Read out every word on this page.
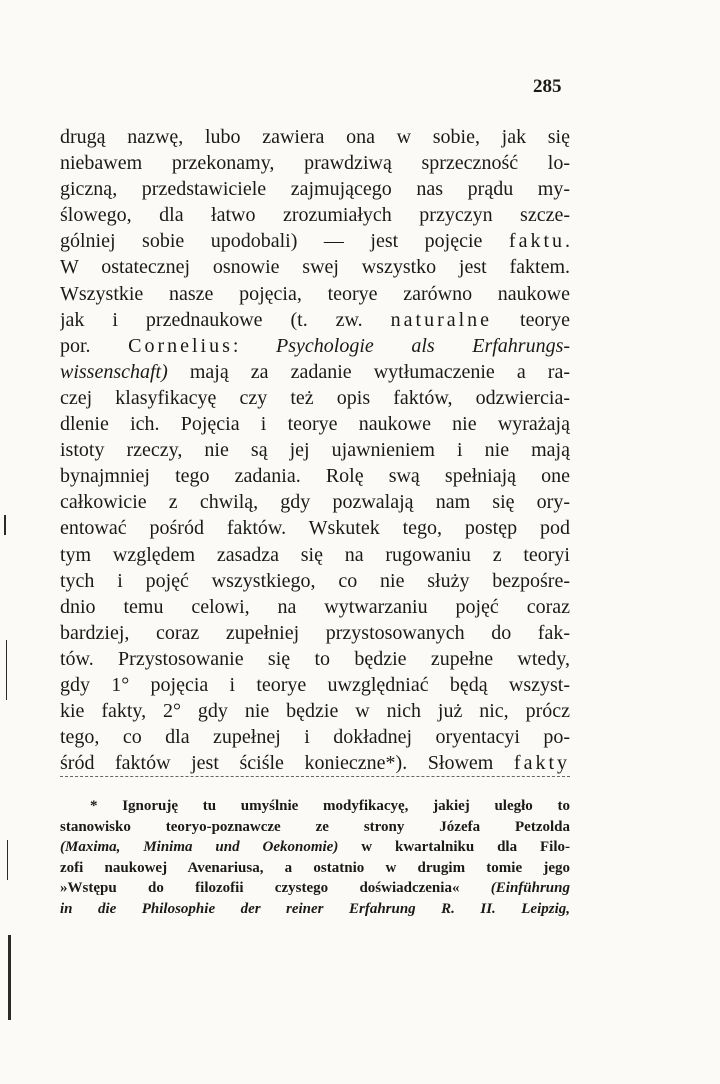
285
drugą nazwę, lubo zawiera ona w sobie, jak się
niebawem przekonamy, prawdziwą sprzeczność lo-
giczną, przedstawiciele zajmującego nas prądu my-
ślowego, dla łatwo zrozumiałych przyczyn szcze-
gólniej sobie upodobali) — jest pojęcie faktu.
W ostatecznej osnowie swej wszystko jest faktem.
Wszystkie nasze pojęcia, teorye zarówno naukowe
jak i przednaukowe (t. zw. naturalne teorye
por. Cornelius: Psychologie als Erfahrungs-
wissenschaft) mają za zadanie wytłumaczenie a ra-
czej klasyfikacyę czy też opis faktów, odzwiercia-
dlenie ich. Pojęcia i teorye naukowe nie wyrażają
istoty rzeczy, nie są jej ujawnieniem i nie mają
bynajmniej tego zadania. Rolę swą spełniają one
całkowicie z chwilą, gdy pozwalają nam się ory-
entować pośród faktów. Wskutek tego, postęp pod
tym względem zasadza się na rugowaniu z teoryi
tych i pojęć wszystkiego, co nie służy bezpośre-
dnio temu celowi, na wytwarzaniu pojęć coraz
bardziej, coraz zupełniej przystosowanych do fak-
tów. Przystosowanie się to będzie zupełne wtedy,
gdy 1° pojęcia i teorye uwzględniać będą wszyst-
kie fakty, 2° gdy nie będzie w nich już nic, prócz
tego, co dla zupełnej i dokładnej oryentacyi po-
śród faktów jest ściśle konieczne*). Słowem fakty
* Ignoruję tu umyślnie modyfikacyę, jakiej uległo to
stanowisko teoryo-poznawcze ze strony Józefa Petzolda
(Maxima, Minima und Oekonomie) w kwartalniku dla Filo-
zofi naukowej Avenariusa, a ostatnio w drugim tomie jego
»Wstępu do filozofii czystego doświadczenia« (Einführung
in die Philosophie der reiner Erfahrung R. II. Leipzig,
